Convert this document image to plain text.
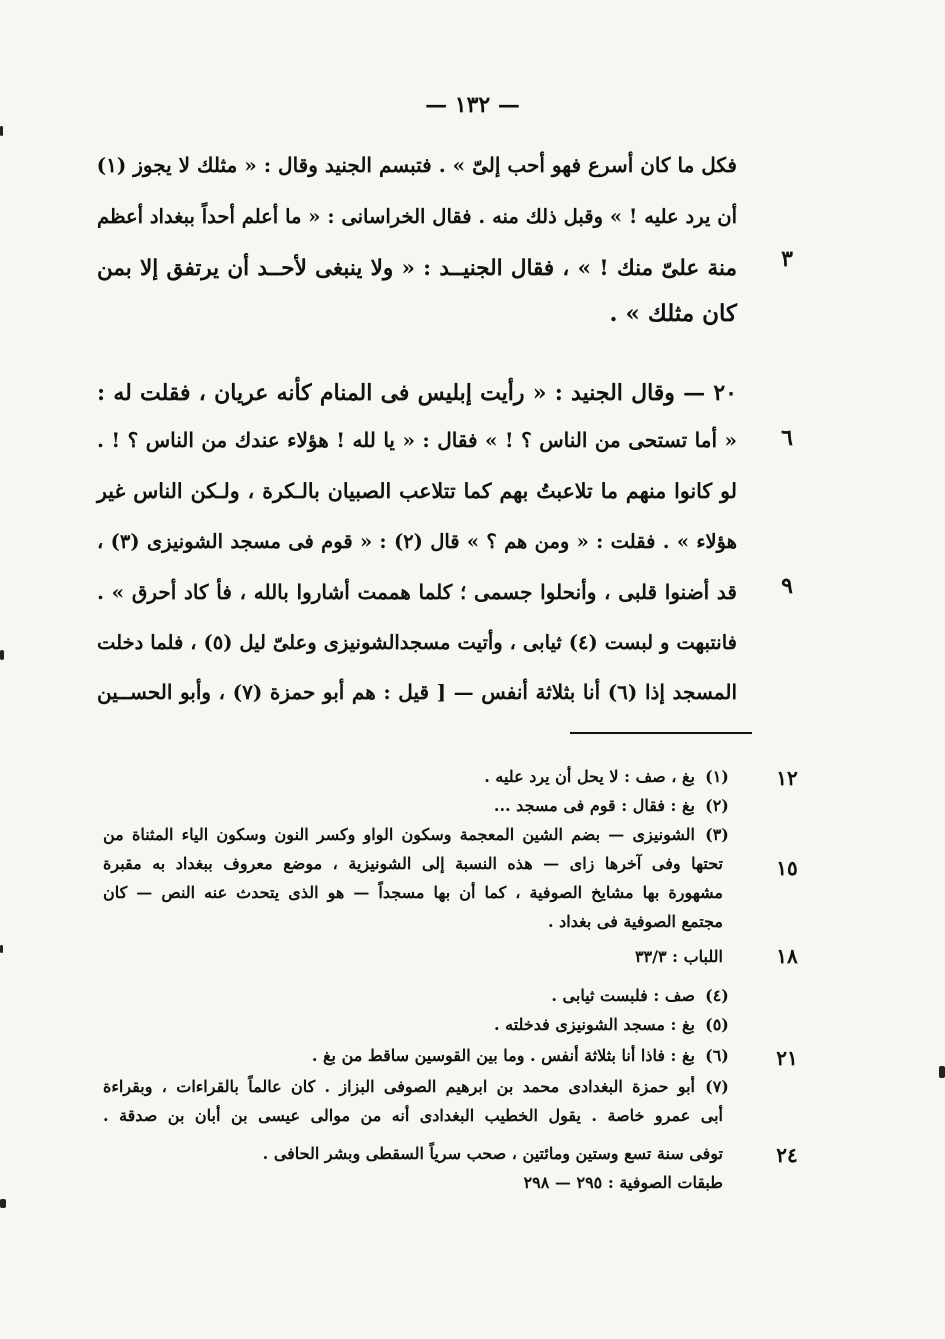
— ١٣٢ —
فكل ما كان أسرع فهو أحب إلىّ » . فتبسم الجنيد وقال : « مثلك لا يجوز (١)
أن يرد عليه ! » وقبل ذلك منه . فقال الخراسانى : « ما أعلم أحداً ببغداد أعظم
منة علىّ منك ! » ، فقال الجنيــد : « ولا ينبغى لأحــد أن يرتفق إلا بمن
كان مثلك » .
٢٠ — وقال الجنيد : « رأيت إبليس فى المنام كأنه عريان ، فقلت له :
« أما تستحى من الناس ؟ ! » فقال : « يا لله ! هؤلاء عندك من الناس ؟ ! .
لو كانوا منهم ما تلاعبتُ بهم كما تتلاعب الصبيان بالـكرة ، ولـكن الناس غير
هؤلاء » . فقلت : « ومن هم ؟ » قال (٢) : « قوم فى مسجد الشونيزى (٣) ،
قد أضنوا قلبى ، وأنحلوا جسمى ؛ كلما هممت أشاروا بالله ، فأ كاد أحرق » .
فانتبهت و لبست (٤) ثيابى ، وأتيت مسجدالشونيزى وعلىّ ليل (٥) ، فلما دخلت
المسجد إذا (٦) أنا بثلاثة أنفس — [ قيل : هم أبو حمزة (٧) ، وأبو الحســين
٣
٦
٩
(١)
بغ ، صف : لا يحل أن يرد عليه .
(٢)
بغ : فقال : قوم فى مسجد ...
(٣)
الشونيزى — بضم الشين المعجمة وسكون الواو وكسر النون وسكون الياء المثناة من
تحتها وفى آخرها زاى — هذه النسبة إلى الشونيزية ، موضع معروف ببغداد به مقبرة
مشهورة بها مشايخ الصوفية ، كما أن بها مسجداً — هو الذى يتحدث عنه النص — كان
مجتمع الصوفية فى بغداد .
اللباب : ٣٣/٣
(٤)
صف : فلبست ثيابى .
(٥)
بغ : مسجد الشونيزى فدخلته .
(٦)
بغ : فاذا أنا بثلاثة أنفس . وما بين القوسين ساقط من بغ .
(٧)
أبو حمزة البغدادى محمد بن ابرهيم الصوفى البزاز . كان عالماً بالقراءات ، وبقراءة
أبى عمرو خاصة . يقول الخطيب البغدادى أنه من موالى عيسى بن أبان بن صدقة .
توفى سنة تسع وستين ومائتين ، صحب سرياً السقطى وبشر الحافى .
طبقات الصوفية : ٢٩٥ — ٢٩٨
١٢
١٥
١٨
٢١
٢٤
